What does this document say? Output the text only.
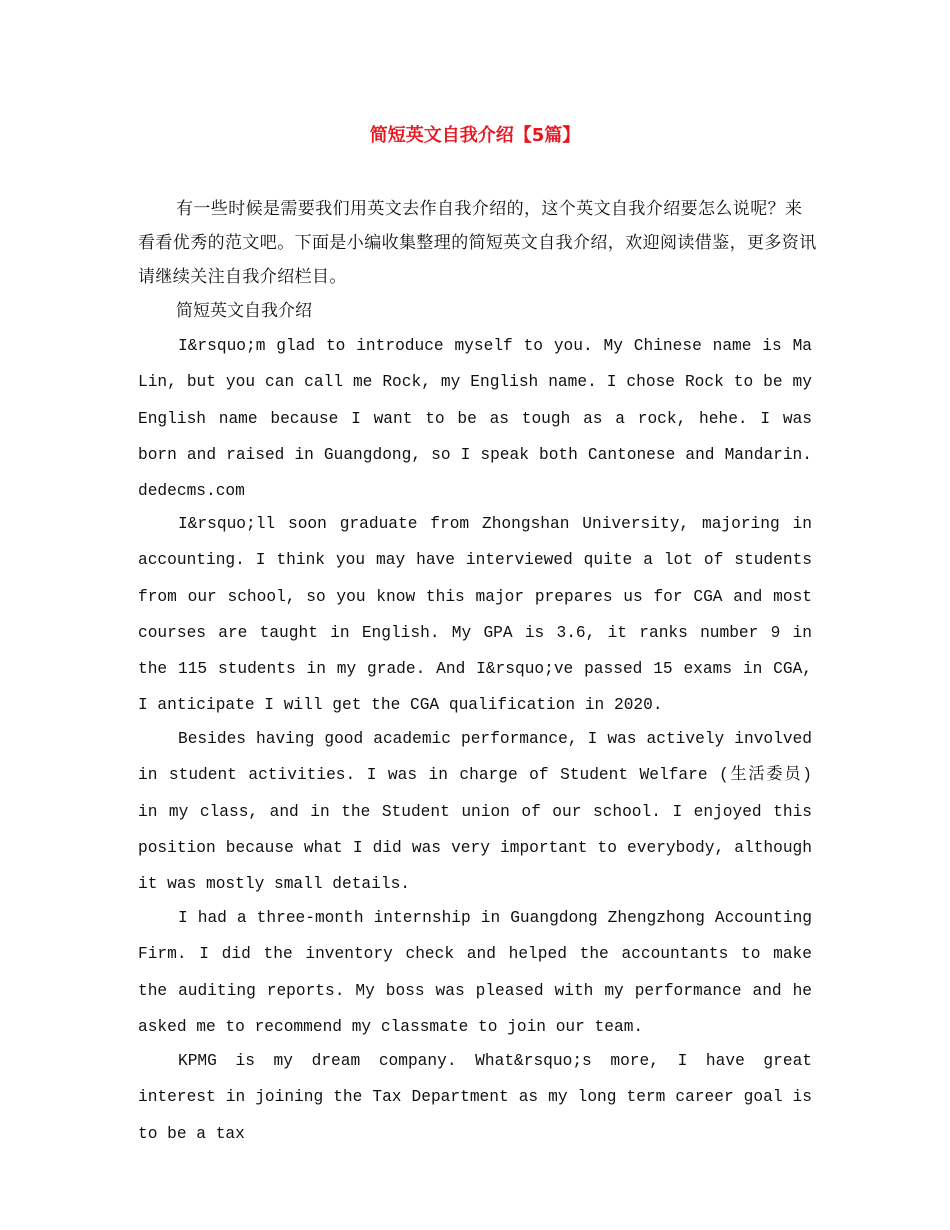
简短英文自我介绍【5篇】

有一些时候是需要我们用英文去作自我介绍的，这个英文自我介绍要怎么说呢？来看看优秀的范文吧。下面是小编收集整理的简短英文自我介绍，欢迎阅读借鉴，更多资讯请继续关注自我介绍栏目。

简短英文自我介绍

I&rsquo;m glad to introduce myself to you. My Chinese name is Ma Lin, but you can call me Rock, my English name. I chose Rock to be my English name because I want to be as tough as a rock, hehe. I was born and raised in Guangdong, so I speak both Cantonese and Mandarin. dedecms.com

I&rsquo;ll soon graduate from Zhongshan University, majoring in accounting. I think you may have interviewed quite a lot of students from our school, so you know this major prepares us for CGA and most courses are taught in English. My GPA is 3.6, it ranks number 9 in the 115 students in my grade. And I&rsquo;ve passed 15 exams in CGA, I anticipate I will get the CGA qualification in 2020.

Besides having good academic performance, I was actively involved in student activities. I was in charge of Student Welfare (生活委员) in my class, and in the Student union of our school. I enjoyed this position because what I did was very important to everybody, although it was mostly small details.

I had a three-month internship in Guangdong Zhengzhong Accounting Firm. I did the inventory check and helped the accountants to make the auditing reports. My boss was pleased with my performance and he asked me to recommend my classmate to join our team.

KPMG is my dream company. What&rsquo;s more, I have great interest in joining the Tax Department as my long term career goal is to be a tax
